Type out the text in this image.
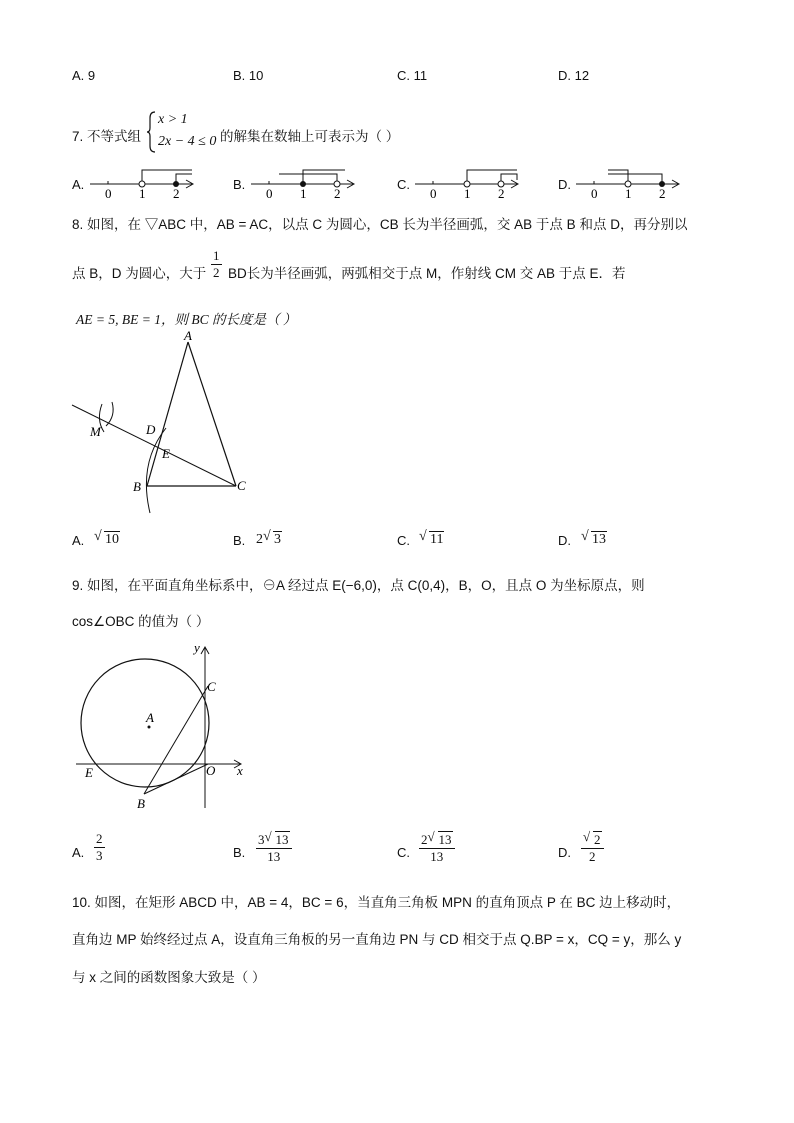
A. 9	B. 10	C. 11	D. 12
7. 不等式组
x > 1
2x − 4 ≤ 0 的解集在数轴上可表示为（ ）
A.
0 1 2
B.
0 1 2
C.
0 1 2
D.
0 1 2
8. 如图，在 ▽ABC 中，AB = AC，以点 C 为圆心，CB 长为半径画弧，交 AB 于点 B 和点 D，再分别以
点 B，D 为圆心，大于 $\frac{1}{2}$ BD长为半径画弧，两弧相交于点 M，作射线 CM 交 AB 于点 E．若
AE = 5, BE = 1，则 BC 的长度是（ ）
A
B	C
D
E
M
A. √ 10	B. 2 √ 3	C. √ 11	D. √ 13
9. 如图，在平面直角坐标系中，⊖A 经过点 E(−6,0)，点 C(0,4)，B，O，且点 O 为坐标原点，则
cos∠OBC 的值为（ ）
y
x
A
C
E	O
B
A. $\frac{2}{3}$	B. $\frac{3 √ 13}{13}$	C. $\frac{2 √ 13}{13}$	D. $\frac{√ 2}{2}$
10. 如图，在矩形 ABCD 中，AB = 4，BC = 6，当直角三角板 MPN 的直角顶点 P 在 BC 边上移动时，
直角边 MP 始终经过点 A，设直角三角板的另一直角边 PN 与 CD 相交于点 Q.BP = x，CQ = y，那么 y
与 x 之间的函数图象大致是（ ）
